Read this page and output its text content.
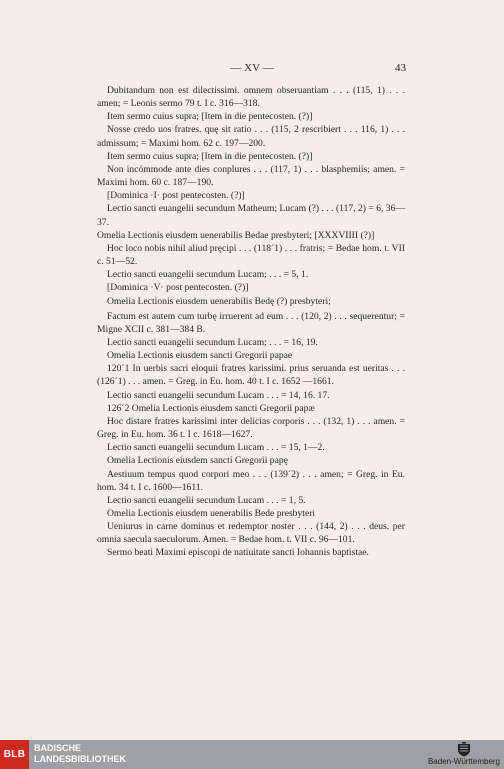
— XV —	43

Dubitandum non est dilectissimi. omnem obseruantiam . . . (115, 1) . . . amen; = Leonis sermo 79 t. I c. 316—318.

Item sermo cuius supra; [Item in die pentecosten. (?)]

Nosse credo uos fratres. quę sit ratio . . . (115, 2 rescribiert . . . 116, 1) . . . admissum; = Maximi hom. 62 c. 197—200.

Item sermo cuius supra; [Item in die pentecosten. (?)]

Non incómmode ante dies conplures . . . (117, 1) . . . blasphemiis; amen. = Maximi hom. 60 c. 187—190.

[Dominica ·I· post pentecosten. (?)]

Lectio sancti euangelii secundum Matheum; Lucam (?) . . . (117, 2) = 6, 36—37.

Omelia Lectionis eiusdem uenerabilis Bedae presbyteri; [XXXVIIII (?)]

Hoc loco nobis nihil aliud pręcipi . . . (118´1) . . . fratris; = Bedae hom. t. VII c. 51—52.

Lectio sancti euangelii secundum Lucam; . . . = 5, 1.

[Dominica ·V· post pentecosten. (?)]

Omelia Lectionis eiusdem uenerabilis Bedę (?) presbyteri;

Factum est autem cum turbę irruerent ad eum . . . (120, 2) . . . sequerentur; = Migne XCII c. 381—384 B.

Lectio sancti euangelii secundum Lucam; . . . = 16, 19.

Omelia Lectionis eiusdem sancti Gregorii papae

120´1 In uerbis sacri eloquii fratres karissimi. prius seruanda est ueritas . . . (126´1) . . . amen. = Greg. in Eu. hom. 40 t. I c. 1652 —1661.

Lectio sancti euangelii secundum Lucam . . . = 14, 16. 17.

126´2 Omelia Lectionis eiusdem sancti Gregorii papæ

Hoc distare fratres karissimi inter delicias corporis . . . (132, 1) . . . amen. = Greg. in Eu. hom. 36 t. I c. 1618—1627.

Lectio sancti euangelii secundum Lucam . . . = 15, 1—2.

Omelia Lectionis eiusdem sancti Gregorii papę

Aestiuum tempus quod corpori meo . . . (139´2) . . . amen; = Greg. in Eu. hom. 34 t. I c. 1600—1611.

Lectio sancti euangelii secundum Lucam . . . = 1, 5.

Omelia Lectionis eiusdem uenerabilis Bede presbyteri

Ueniurus in carne dominus et redemptor noster . . . (144, 2) . . . deus. per omnia saecula saeculorum. Amen. = Bedae hom. t. VII c. 96—101.

Sermo beati Maximi episcopi de natiuitate sancti Iohannis baptistae.

BLB
BADISCHE
LANDESBIBLIOTHEK	Baden-Württemberg
